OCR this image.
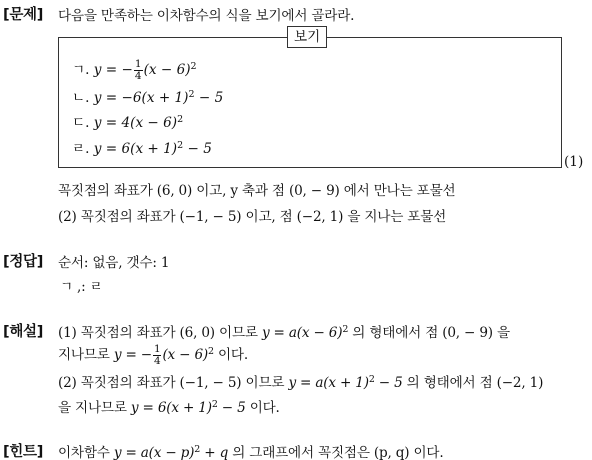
[문제] 다음을 만족하는 이차함수의 식을 보기에서 골라라.
보기
ㄱ. y = − $\frac{1}{4} (x - 6)^2$
ㄴ. $y = -6(x + 1)^2 - 5$
ㄷ. $y = 4(x - 6)^2$
ㄹ. $y = 6(x + 1)^2 - 5$
(1)
꼭짓점의 좌표가 (6, 0) 이고, y 축과 점 (0, − 9) 에서 만나는 포물선
(2) 꼭짓점의 좌표가 (−1, − 5) 이고, 점 (−2, 1) 을 지나는 포물선
[정답] 순서: 없음, 갯수: 1
ㄱ ,: ㄹ
[해설] (1) 꼭짓점의 좌표가 (6, 0) 이므로 $y = a(x - 6)^2$ 의 형태에서 점 (0, − 9) 을
지나므로 y = − $\frac{1}{4} (x - 6)^2$ 이다.
(2) 꼭짓점의 좌표가 (−1, − 5) 이므로 $y = a(x + 1)^2 - 5$ 의 형태에서 점 (−2, 1)
을 지나므로 $y = 6(x + 1)^2 - 5$ 이다.
[힌트] 이차함수 $y = a(x - p)^2 + q$ 의 그래프에서 꼭짓점은 (p, q) 이다.
